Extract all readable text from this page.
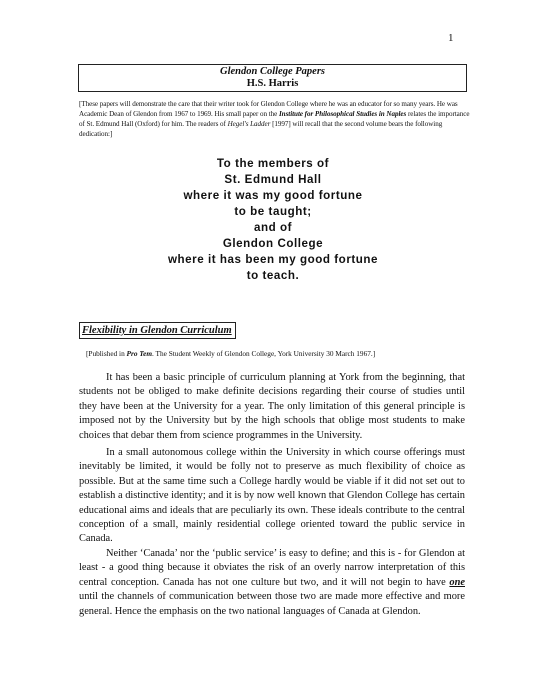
1
Glendon College Papers
H.S. Harris
[These papers will demonstrate the care that their writer took for Glendon College where he was an educator for so many years. He was Academic Dean of Glendon from 1967 to 1969. His small paper on the Institute for Philosophical Studies in Naples relates the importance of St. Edmund Hall (Oxford) for him. The readers of Hegel's Ladder [1997] will recall that the second volume bears the following dedication:]
To the members of
St. Edmund Hall
where it was my good fortune
to be taught;
and of
Glendon College
where it has been my good fortune
to teach.
Flexibility in Glendon Curriculum
[Published in Pro Tem. The Student Weekly of Glendon College, York University 30 March 1967.]
It has been a basic principle of curriculum planning at York from the beginning, that students not be obliged to make definite decisions regarding their course of studies until they have been at the University for a year. The only limitation of this general principle is imposed not by the University but by the high schools that oblige most students to make choices that debar them from science programmes in the University.
In a small autonomous college within the University in which course offerings must inevitably be limited, it would be folly not to preserve as much flexibility of choice as possible. But at the same time such a College hardly would be viable if it did not set out to establish a distinctive identity; and it is by now well known that Glendon College has certain educational aims and ideals that are peculiarly its own. These ideals contribute to the central conception of a small, mainly residential college oriented toward the public service in Canada.
Neither ‘Canada’ nor the ‘public service’ is easy to define; and this is - for Glendon at least - a good thing because it obviates the risk of an overly narrow interpretation of this central conception. Canada has not one culture but two, and it will not begin to have one until the channels of communication between those two are made more effective and more general. Hence the emphasis on the two national languages of Canada at Glendon.
